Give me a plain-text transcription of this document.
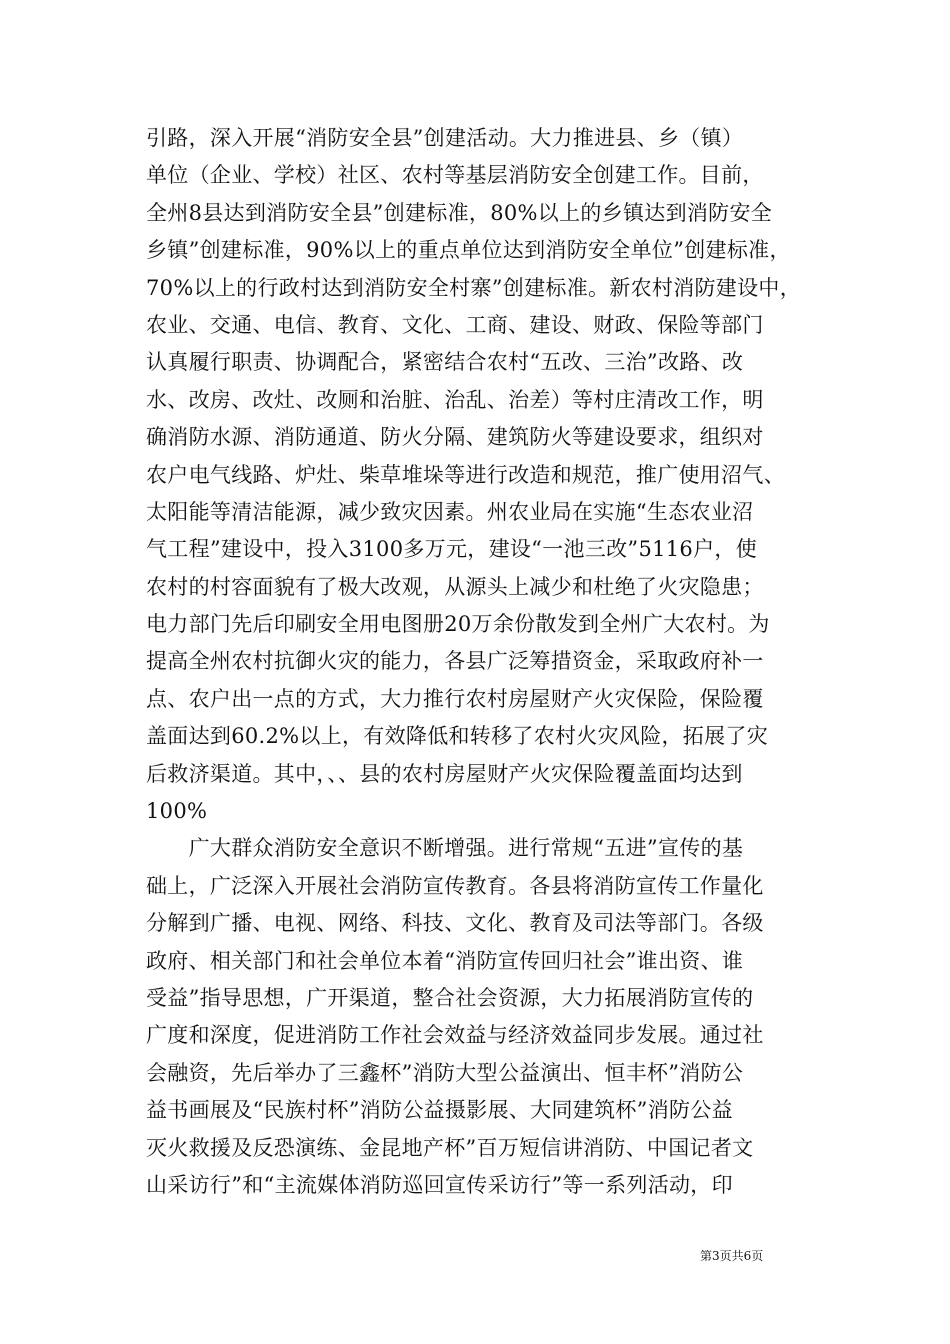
引路，深入开展“消防安全县”创建活动。大力推进县、乡（镇）
单位（企业、学校）社区、农村等基层消防安全创建工作。目前，
全州8县达到消防安全县”创建标准，80%以上的乡镇达到消防安全
乡镇”创建标准，90%以上的重点单位达到消防安全单位”创建标准，
70%以上的行政村达到消防安全村寨”创建标准。新农村消防建设中，
农业、交通、电信、教育、文化、工商、建设、财政、保险等部门
认真履行职责、协调配合，紧密结合农村“五改、三治”改路、改
水、改房、改灶、改厕和治脏、治乱、治差）等村庄清改工作，明
确消防水源、消防通道、防火分隔、建筑防火等建设要求，组织对
农户电气线路、炉灶、柴草堆垛等进行改造和规范，推广使用沼气、
太阳能等清洁能源，减少致灾因素。州农业局在实施“生态农业沼
气工程”建设中，投入3100多万元，建设“一池三改”5116户，使
农村的村容面貌有了极大改观，从源头上减少和杜绝了火灾隐患；
电力部门先后印刷安全用电图册20万余份散发到全州广大农村。为
提高全州农村抗御火灾的能力，各县广泛筹措资金，采取政府补一
点、农户出一点的方式，大力推行农村房屋财产火灾保险，保险覆
盖面达到60.2%以上，有效降低和转移了农村火灾风险，拓展了灾
后救济渠道。其中，、、县的农村房屋财产火灾保险覆盖面均达到
100%
　　广大群众消防安全意识不断增强。进行常规“五进”宣传的基
础上，广泛深入开展社会消防宣传教育。各县将消防宣传工作量化
分解到广播、电视、网络、科技、文化、教育及司法等部门。各级
政府、相关部门和社会单位本着“消防宣传回归社会”谁出资、谁
受益”指导思想，广开渠道，整合社会资源，大力拓展消防宣传的
广度和深度，促进消防工作社会效益与经济效益同步发展。通过社
会融资，先后举办了三鑫杯”消防大型公益演出、恒丰杯”消防公
益书画展及“民族村杯”消防公益摄影展、大同建筑杯”消防公益
灭火救援及反恐演练、金昆地产杯”百万短信讲消防、中国记者文
山采访行”和“主流媒体消防巡回宣传采访行”等一系列活动，印
第3页共6页
